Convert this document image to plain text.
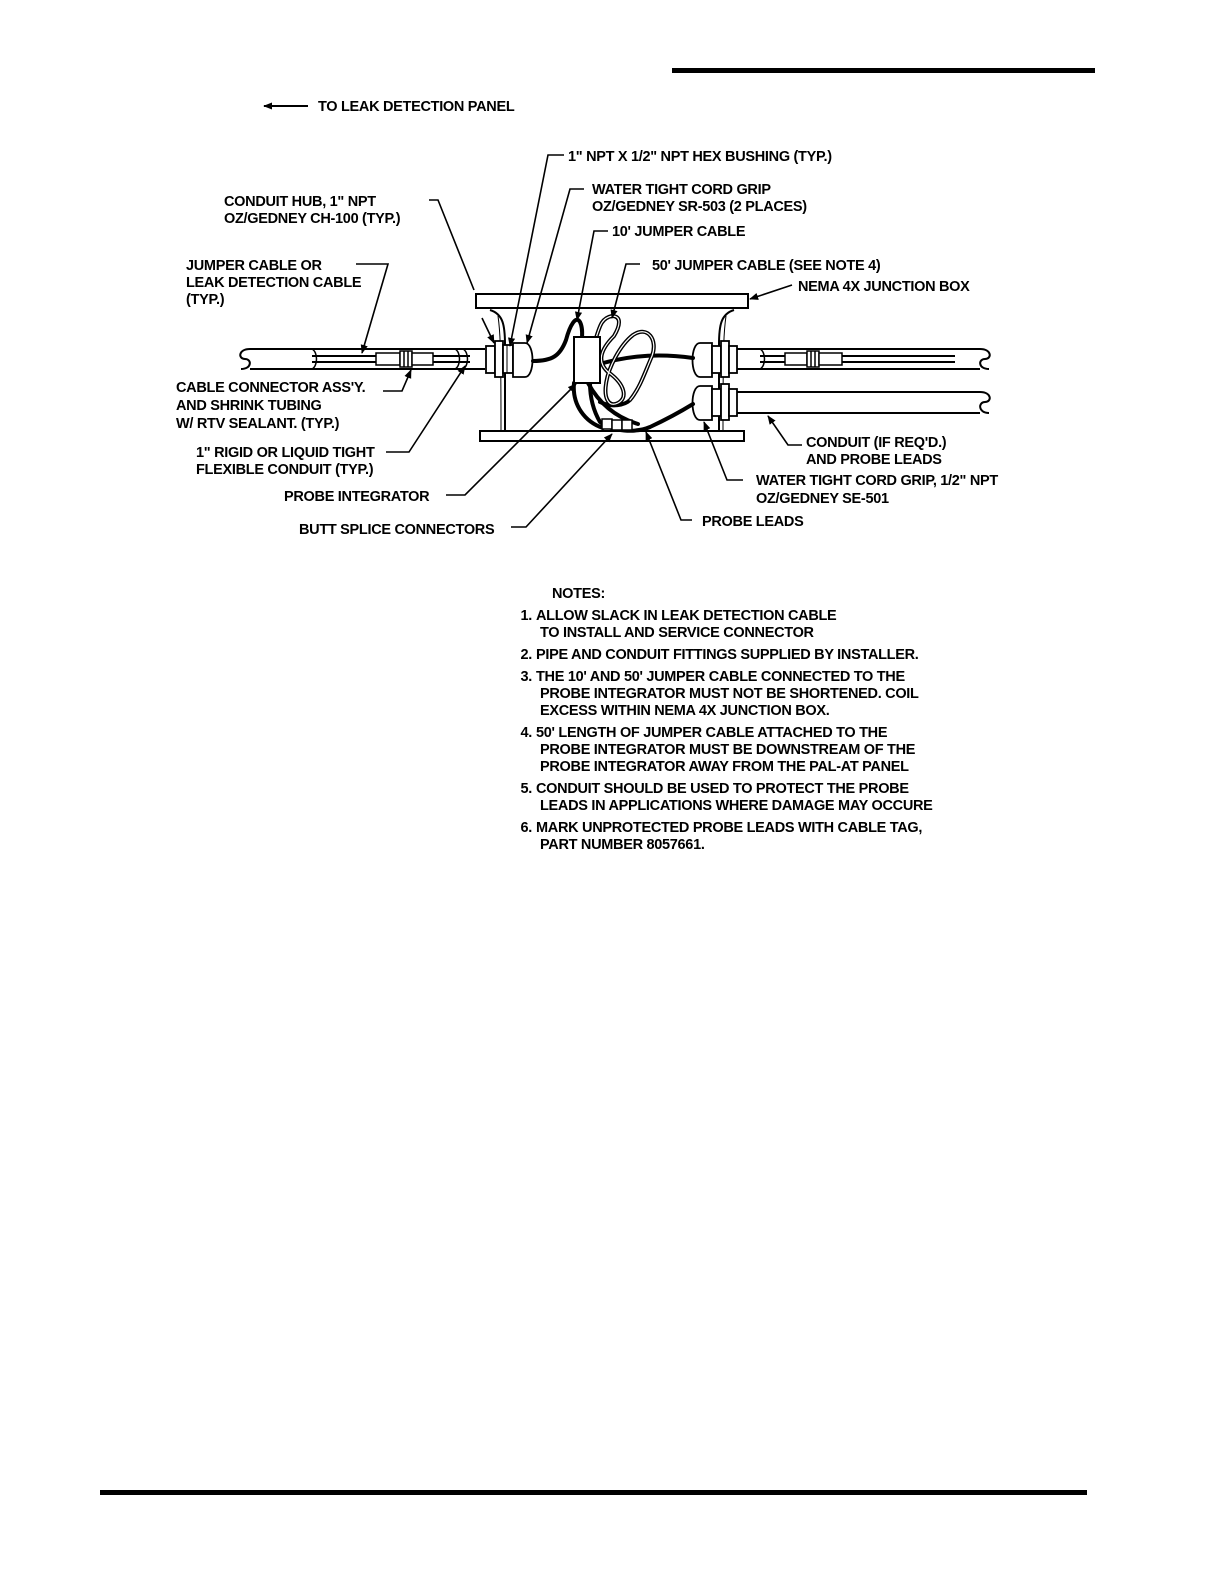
TO LEAK DETECTION PANEL
1" NPT X 1/2" NPT HEX BUSHING (TYP.)
CONDUIT HUB, 1" NPT OZ/GEDNEY CH-100 (TYP.)
WATER TIGHT CORD GRIP OZ/GEDNEY SR-503 (2 PLACES)
10' JUMPER CABLE
JUMPER CABLE OR LEAK DETECTION CABLE (TYP.)
50' JUMPER CABLE (SEE NOTE 4)
NEMA 4X JUNCTION BOX
CABLE CONNECTOR ASS'Y. AND SHRINK TUBING W/ RTV SEALANT. (TYP.)
1" RIGID OR LIQUID TIGHT FLEXIBLE CONDUIT (TYP.)
CONDUIT (IF REQ'D.) AND PROBE LEADS
WATER TIGHT CORD GRIP, 1/2" NPT OZ/GEDNEY SE-501
PROBE INTEGRATOR
BUTT SPLICE CONNECTORS	PROBE LEADS
NOTES:
1. ALLOW SLACK IN LEAK DETECTION CABLE
TO INSTALL AND SERVICE CONNECTOR
2. PIPE AND CONDUIT FITTINGS SUPPLIED BY INSTALLER.
3. THE 10' AND 50' JUMPER CABLE CONNECTED TO THE
PROBE INTEGRATOR MUST NOT BE SHORTENED. COIL
EXCESS WITHIN NEMA 4X JUNCTION BOX.
4. 50' LENGTH OF JUMPER CABLE ATTACHED TO THE
PROBE INTEGRATOR MUST BE DOWNSTREAM OF THE
PROBE INTEGRATOR AWAY FROM THE PAL-AT PANEL
5. CONDUIT SHOULD BE USED TO PROTECT THE PROBE
LEADS IN APPLICATIONS WHERE DAMAGE MAY OCCURE
6. MARK UNPROTECTED PROBE LEADS WITH CABLE TAG,
PART NUMBER 8057661.
